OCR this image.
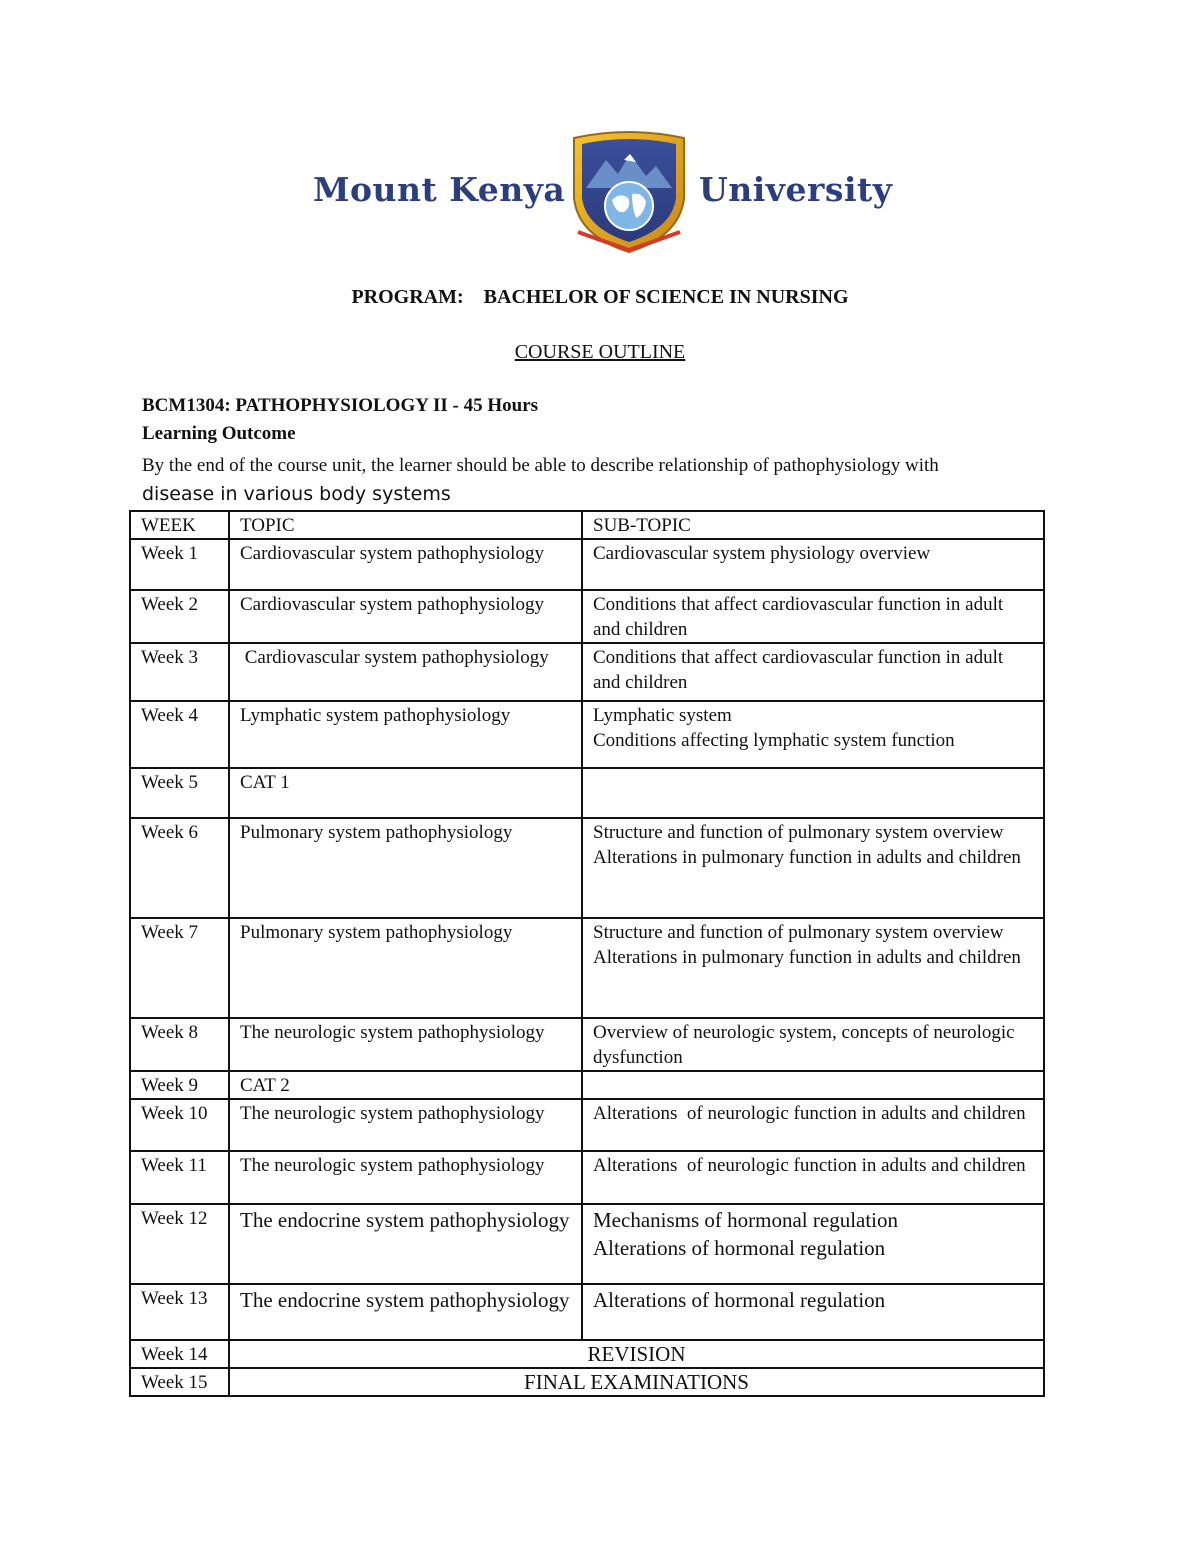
Mount Kenya	University
PROGRAM: BACHELOR OF SCIENCE IN NURSING
COURSE OUTLINE
BCM1304: PATHOPHYSIOLOGY II - 45 Hours
Learning Outcome
By the end of the course unit, the learner should be able to describe relationship of pathophysiology with
disease in various body systems
WEEK	TOPIC	SUB-TOPIC
Week 1	Cardiovascular system pathophysiology	Cardiovascular system physiology overview

Week 2	Cardiovascular system pathophysiology	Conditions that affect cardiovascular function in adult and children

Week 3	Cardiovascular system pathophysiology	Conditions that affect cardiovascular function in adult and children

Week 4	Lymphatic system pathophysiology	Lymphatic system
Conditions affecting lymphatic system function

Week 5	CAT 1	

Week 6	Pulmonary system pathophysiology	Structure and function of pulmonary system overview
Alterations in pulmonary function in adults and children

Week 7	Pulmonary system pathophysiology	Structure and function of pulmonary system overview
Alterations in pulmonary function in adults and children

Week 8	The neurologic system pathophysiology	Overview of neurologic system, concepts of neurologic dysfunction

Week 9	CAT 2	

Week 10	The neurologic system pathophysiology	Alterations  of neurologic function in adults and children

Week 11	The neurologic system pathophysiology	Alterations  of neurologic function in adults and children

Week 12	The endocrine system pathophysiology	Mechanisms of hormonal regulation
Alterations of hormonal regulation

Week 13	The endocrine system pathophysiology	Alterations of hormonal regulation

Week 14	REVISION	
Week 15	FINAL EXAMINATIONS	
